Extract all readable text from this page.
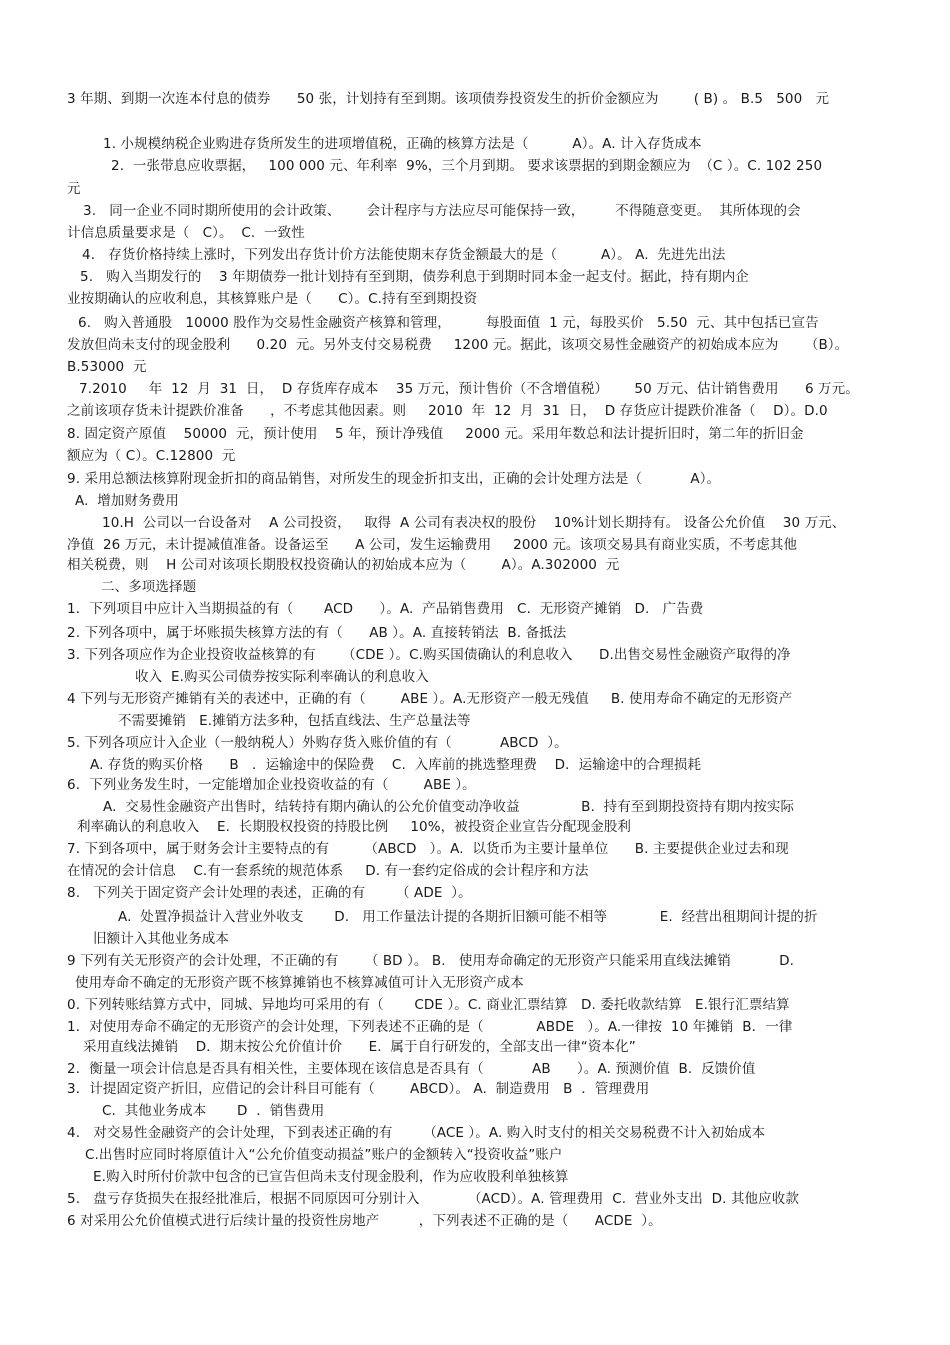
3 年期、到期一次连本付息的债券      50 张，计划持有至到期。该项债券投资发生的折价金额应为        ( B) 。 B.5   500   元
1. 小规模纳税企业购进存货所发生的进项增值税，正确的核算方法是（          A）。A. 计入存货成本
2.  一张带息应收票据，   100 000 元、年利率  9%，三个月到期。 要求该票据的到期金额应为  （C ）。C. 102 250
元
3.   同一企业不同时期所使用的会计政策、      会计程序与方法应尽可能保持一致，       不得随意变更。  其所体现的会
计信息质量要求是（   C）。  C.  一致性
4.   存货价格持续上涨时，下列发出存货计价方法能使期末存货金额最大的是（          A）。 A.  先进先出法
5.   购入当期发行的    3 年期债券一批计划持有至到期，债券利息于到期时同本金一起支付。据此，持有期内企
业按期确认的应收利息，其核算账户是（      C）。C.持有至到期投资
6.   购入普通股   10000 股作为交易性金融资产核算和管理，        每股面值  1 元，每股买价   5.50  元、其中包括已宣告
发放但尚未支付的现金股利      0.20  元。另外支付交易税费     1200 元。据此，该项交易性金融资产的初始成本应为      （B）。
B.53000  元
7.2010     年  12  月  31  日，  D 存货库存成本    35 万元，预计售价（不含增值税）      50 万元、估计销售费用      6 万元。
之前该项存货未计提跌价准备      ，不考虑其他因素。则     2010  年  12  月  31  日，  D 存货应计提跌价准备（    D）。D.0
8. 固定资产原值    50000  元，预计使用    5 年，预计净残值     2000 元。采用年数总和法计提折旧时，第二年的折旧金
额应为（ C）。C.12800  元
9. 采用总额法核算附现金折扣的商品销售，对所发生的现金折扣支出，正确的会计处理方法是（           A）。
A.  增加财务费用
10.H  公司以一台设备对    A 公司投资，   取得  A 公司有表决权的股份    10%计划长期持有。 设备公允价值    30 万元、
净值  26 万元，未计提减值准备。设备运至      A 公司，发生运输费用     2000 元。该项交易具有商业实质，不考虑其他
相关税费，则    H 公司对该项长期股权投资确认的初始成本应为（        A）。A.302000  元
二、多项选择题
1．下列项目中应计入当期损益的有（       ACD      ）。A.  产品销售费用   C.  无形资产摊销   D.   广告费
2. 下列各项中，属于坏账损失核算方法的有（      AB ）。A. 直接转销法  B. 备抵法
3. 下列各项应作为企业投资收益核算的有      （CDE ）。C.购买国债确认的利息收入      D.出售交易性金融资产取得的净
收入  E.购买公司债券按实际利率确认的利息收入
4 下列与无形资产摊销有关的表述中，正确的有（        ABE ）。A.无形资产一般无残值     B. 使用寿命不确定的无形资产
不需要摊销   E.摊销方法多种，包括直线法、生产总量法等
5. 下列各项应计入企业（一般纳税人）外购存货入账价值的有（           ABCD  ）。
A. 存货的购买价格      B   ．运输途中的保险费    C.  入库前的挑选整理费    D．运输途中的合理损耗
6．下列业务发生时，一定能增加企业投资收益的有（        ABE ）。
A.  交易性金融资产出售时，结转持有期内确认的公允价值变动净收益              B.  持有至到期投资持有期内按实际
利率确认的利息收入    E.  长期股权投资的持股比例     10%，被投资企业宣告分配现金股利
7. 下到各项中，属于财务会计主要特点的有        （ABCD   ）。A.  以货币为主要计量单位      B. 主要提供企业过去和现
在情况的会计信息    C.有一套系统的规范体系     D. 有一套约定俗成的会计程序和方法
8.   下列关于固定资产会计处理的表述，正确的有       （ ADE  ）。
A.  处置净损益计入营业外收支       D.   用工作量法计提的各期折旧额可能不相等            E.  经营出租期间计提的折
旧额计入其他业务成本
9 下列有关无形资产的会计处理，不正确的有      （ BD ）。 B.   使用寿命确定的无形资产只能采用直线法摊销           D.
使用寿命不确定的无形资产既不核算摊销也不核算减值可计入无形资产成本
0. 下列转账结算方式中，同城、异地均可采用的有（       CDE ）。C. 商业汇票结算   D. 委托收款结算   E.银行汇票结算
1．对使用寿命不确定的无形资产的会计处理，下列表述不正确的是（            ABDE   ）。A.一律按  10 年摊销  B．一律
采用直线法摊销    D．期末按公允价值计价      E.  属于自行研发的，全部支出一律“资本化”
2．衡量一项会计信息是否具有相关性，主要体现在该信息是否具有（           AB      ）。A. 预测价值  B.  反馈价值
3．计提固定资产折旧，应借记的会计科目可能有（        ABCD）。 A.  制造费用   B  ．管理费用
C.  其他业务成本       D  ．销售费用
4.   对交易性金融资产的会计处理，下到表述正确的有       （ACE ）。A. 购入时支付的相关交易税费不计入初始成本
C.出售时应同时将原值计入“公允价值变动损益”账户的金额转入“投资收益”账户
E.购入时所付价款中包含的已宣告但尚未支付现金股利，作为应收股利单独核算
5.   盘亏存货损失在报经批准后，根据不同原因可分别计入           （ACD）。A. 管理费用  C.  营业外支出  D. 其他应收款
6 对采用公允价值模式进行后续计量的投资性房地产         ，下列表述不正确的是（      ACDE  ）。
